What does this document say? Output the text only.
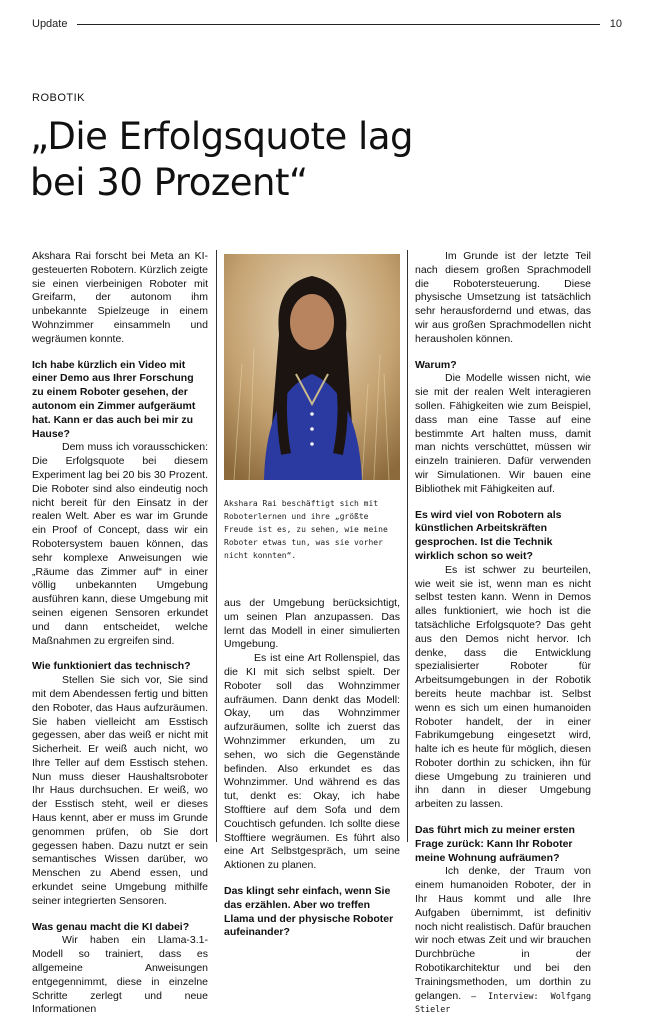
Update	10
ROBOTIK
„Die Erfolgsquote lag
bei 30 Prozent“

Akshara Rai forscht bei Meta an KI-gesteuerten Robotern. Kürzlich zeigte sie einen vierbeinigen Roboter mit Greifarm, der autonom ihm unbekannte Spielzeuge in einem Wohnzimmer einsammeln und wegräumen konnte.

Ich habe kürzlich ein Video mit einer Demo aus Ihrer Forschung zu einem Roboter gesehen, der autonom ein Zimmer aufgeräumt hat. Kann er das auch bei mir zu Hause?

Dem muss ich vorausschicken: Die Erfolgsquote bei diesem Experiment lag bei 20 bis 30 Prozent. Die Roboter sind also eindeutig noch nicht bereit für den Einsatz in der realen Welt. Aber es war im Grunde ein Proof of Concept, dass wir ein Robotersystem bauen können, das sehr komplexe Anweisungen wie „Räume das Zimmer auf“ in einer völlig unbekannten Umgebung ausführen kann, diese Umgebung mit seinen eigenen Sensoren erkundet und dann entscheidet, welche Maßnahmen zu ergreifen sind.

Wie funktioniert das technisch?

Stellen Sie sich vor, Sie sind mit dem Abendessen fertig und bitten den Roboter, das Haus aufzuräumen. Sie haben vielleicht am Esstisch gegessen, aber das weiß er nicht mit Sicherheit. Er weiß auch nicht, wo Ihre Teller auf dem Esstisch stehen. Nun muss dieser Haushaltsroboter Ihr Haus durchsuchen. Er weiß, wo der Esstisch steht, weil er dieses Haus kennt, aber er muss im Grunde genommen prüfen, ob Sie dort gegessen haben. Dazu nutzt er sein semantisches Wissen darüber, wo Menschen zu Abend essen, und erkundet seine Umgebung mithilfe seiner integrierten Sensoren.

Was genau macht die KI dabei?

Wir haben ein Llama-3.1-Modell so trainiert, dass es allgemeine Anweisungen entgegennimmt, diese in einzelne Schritte zerlegt und neue Informationen

Akshara Rai beschäftigt sich mit Roboterlernen und ihre „größte Freude ist es, zu sehen, wie meine Roboter etwas tun, was sie vorher nicht konnten“.

aus der Umgebung berücksichtigt, um seinen Plan anzupassen. Das lernt das Modell in einer simulierten Umgebung.

Es ist eine Art Rollenspiel, das die KI mit sich selbst spielt. Der Roboter soll das Wohnzimmer aufräumen. Dann denkt das Modell: Okay, um das Wohnzimmer aufzuräumen, sollte ich zuerst das Wohnzimmer erkunden, um zu sehen, wo sich die Gegenstände befinden. Also erkundet es das Wohnzimmer. Und während es das tut, denkt es: Okay, ich habe Stofftiere auf dem Sofa und dem Couchtisch gefunden. Ich sollte diese Stofftiere wegräumen. Es führt also eine Art Selbstgespräch, um seine Aktionen zu planen.

Das klingt sehr einfach, wenn Sie das erzählen. Aber wo treffen Llama und der physische Roboter aufeinander?

Im Grunde ist der letzte Teil nach diesem großen Sprachmodell die Robotersteuerung. Diese physische Umsetzung ist tatsächlich sehr herausfordernd und etwas, das wir aus großen Sprachmodellen nicht herausholen können.

Warum?

Die Modelle wissen nicht, wie sie mit der realen Welt interagieren sollen. Fähigkeiten wie zum Beispiel, dass man eine Tasse auf eine bestimmte Art halten muss, damit man nichts verschüttet, müssen wir einzeln trainieren. Dafür verwenden wir Simulationen. Wir bauen eine Bibliothek mit Fähigkeiten auf.

Es wird viel von Robotern als künstlichen Arbeitskräften gesprochen. Ist die Technik wirklich schon so weit?

Es ist schwer zu beurteilen, wie weit sie ist, wenn man es nicht selbst testen kann. Wenn in Demos alles funktioniert, wie hoch ist die tatsächliche Erfolgsquote? Das geht aus den Demos nicht hervor. Ich denke, dass die Entwicklung spezialisierter Roboter für Arbeitsumgebungen in der Robotik bereits heute machbar ist. Selbst wenn es sich um einen humanoiden Roboter handelt, der in einer Fabrikumgebung eingesetzt wird, halte ich es heute für möglich, diesen Roboter dorthin zu schicken, ihn für diese Umgebung zu trainieren und ihn dann in dieser Umgebung arbeiten zu lassen.

Das führt mich zu meiner ersten Frage zurück: Kann Ihr Roboter meine Wohnung aufräumen?

Ich denke, der Traum von einem humanoiden Roboter, der in Ihr Haus kommt und alle Ihre Aufgaben übernimmt, ist definitiv noch nicht realistisch. Dafür brauchen wir noch etwas Zeit und wir brauchen Durchbrüche in der Robotikarchitektur und bei den Trainingsmethoden, um dorthin zu gelangen. – Interview: Wolfgang Stieler
